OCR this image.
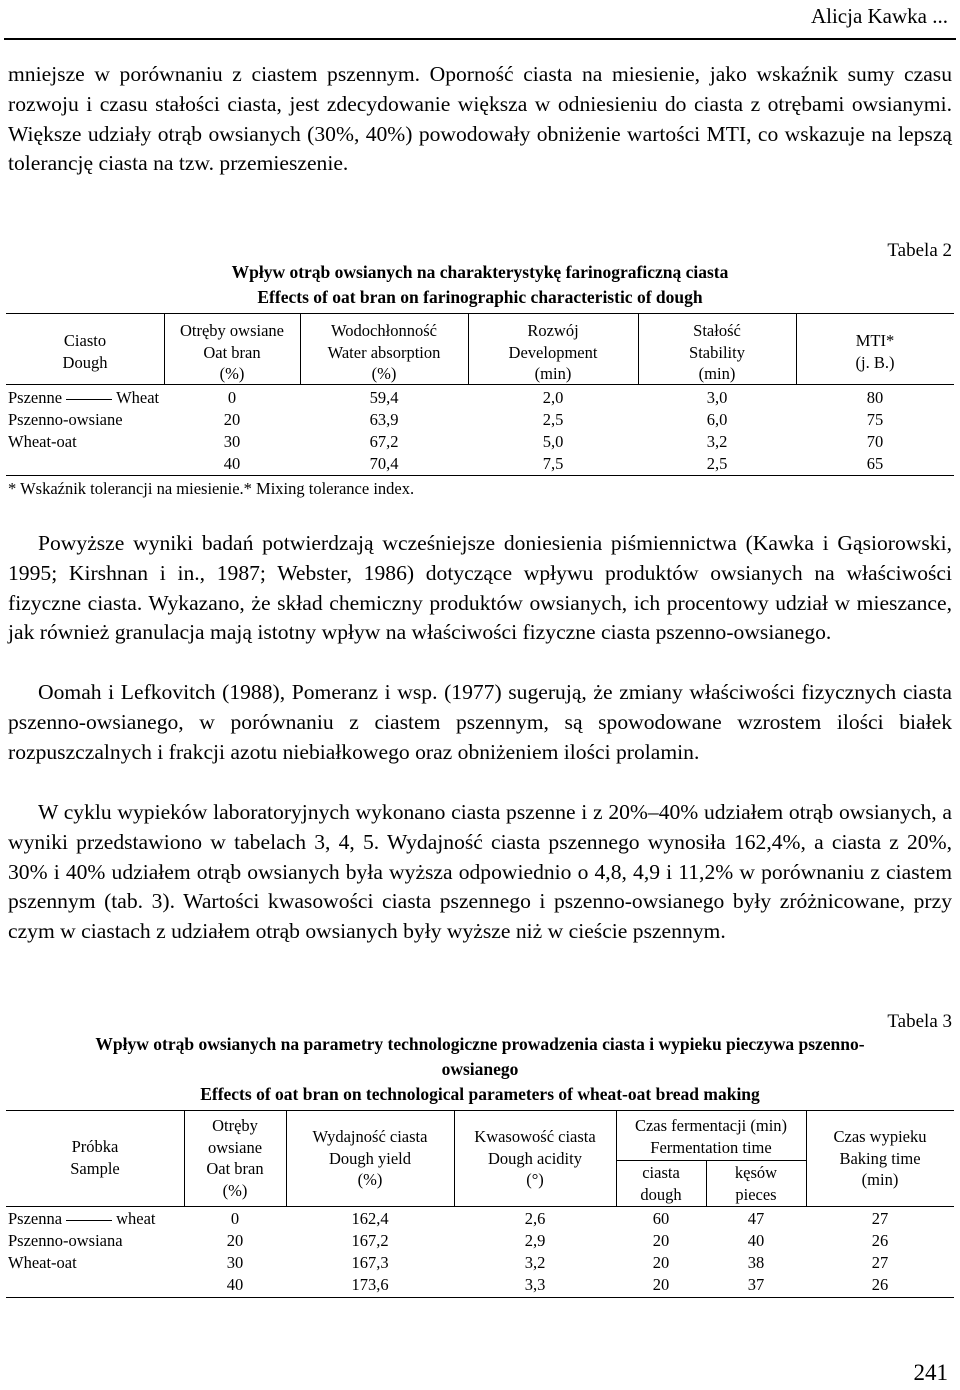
Alicja Kawka ...
mniejsze w porównaniu z ciastem pszennym. Oporność ciasta na miesienie, jako wskaźnik sumy czasu rozwoju i czasu stałości ciasta, jest zdecydowanie większa w odniesieniu do ciasta z otrębami owsianymi. Większe udziały otrąb owsianych (30%, 40%) powodowały obniżenie wartości MTI, co wskazuje na lepszą tolerancję ciasta na tzw. przemieszenie.
Tabela 2
Wpływ otrąb owsianych na charakterystykę farinograficzną ciasta
Effects of oat bran on farinographic characteristic of dough
Ciasto
Dough
Otręby owsiane
Oat bran
(%)
Wodochłonność
Water absorption
(%)
Rozwój
Development
(min)
Stałość
Stability
(min)
MTI*
(j. B.)
Pszenne	Wheat
Pszenno-owsiane
Wheat-oat
0
20
30
40
59,4
63,9
67,2
70,4
2,0
2,5
5,0
7,5
3,0
6,0
3,2
2,5
80
75
70
65
* Wskaźnik tolerancji na miesienie.* Mixing tolerance index.
Powyższe wyniki badań potwierdzają wcześniejsze doniesienia piśmiennictwa (Kawka i Gąsiorowski, 1995; Kirshnan i in., 1987; Webster, 1986) dotyczące wpływu produktów owsianych na właściwości fizyczne ciasta. Wykazano, że skład chemiczny produktów owsianych, ich procentowy udział w mieszance, jak również granulacja mają istotny wpływ na właściwości fizyczne ciasta pszenno-owsianego.
Oomah i Lefkovitch (1988), Pomeranz i wsp. (1977) sugerują, że zmiany właściwości fizycznych ciasta pszenno-owsianego, w porównaniu z ciastem pszennym, są spowodowane wzrostem ilości białek rozpuszczalnych i frakcji azotu niebiałkowego oraz obniżeniem ilości prolamin.
W cyklu wypieków laboratoryjnych wykonano ciasta pszenne i z 20%–40% udziałem otrąb owsianych, a wyniki przedstawiono w tabelach 3, 4, 5. Wydajność ciasta pszennego wynosiła 162,4%, a ciasta z 20%, 30% i 40% udziałem otrąb owsianych była wyższa odpowiednio o 4,8, 4,9 i 11,2% w porównaniu z ciastem pszennym (tab. 3). Wartości kwasowości ciasta pszennego i pszenno-owsianego były zróżnicowane, przy czym w ciastach z udziałem otrąb owsianych były wyższe niż w cieście pszennym.
Tabela 3
Wpływ otrąb owsianych na parametry technologiczne prowadzenia ciasta i wypieku pieczywa pszenno-
owsianego
Effects of oat bran on technological parameters of wheat-oat bread making
Próbka
Sample
Otręby
owsiane
Oat bran
(%)
Wydajność ciasta
Dough yield
(%)
Kwasowość ciasta
Dough acidity
(°)
Czas fermentacji (min)
Fermentation time
ciasta
dough
kęsów
pieces
Czas wypieku
Baking time
(min)
Pszenna	wheat
Pszenno-owsiana
Wheat-oat
0
20
30
40
162,4
167,2
167,3
173,6
2,6
2,9
3,2
3,3
60
20
20
20
47
40
38
37
27
26
27
26
241
